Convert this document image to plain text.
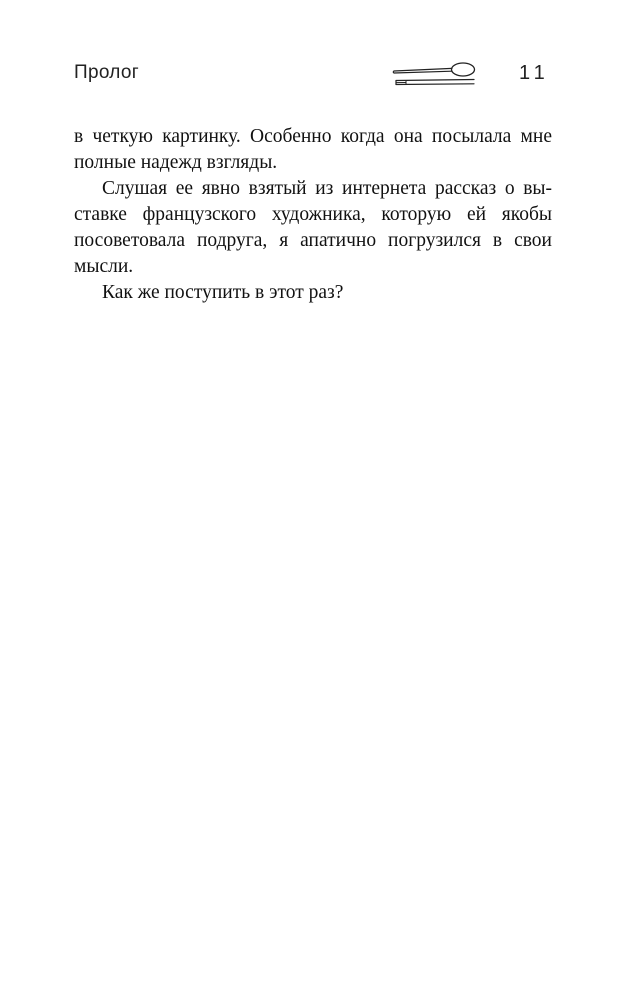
Пролог	11
в четкую картинку. Особенно когда она посылала мне
полные надежд взгляды.
Слушая ее явно взятый из интернета рассказ о вы-
ставке французского художника, которую ей якобы
посоветовала подруга, я апатично погрузился в свои
мысли.
Как же поступить в этот раз?
